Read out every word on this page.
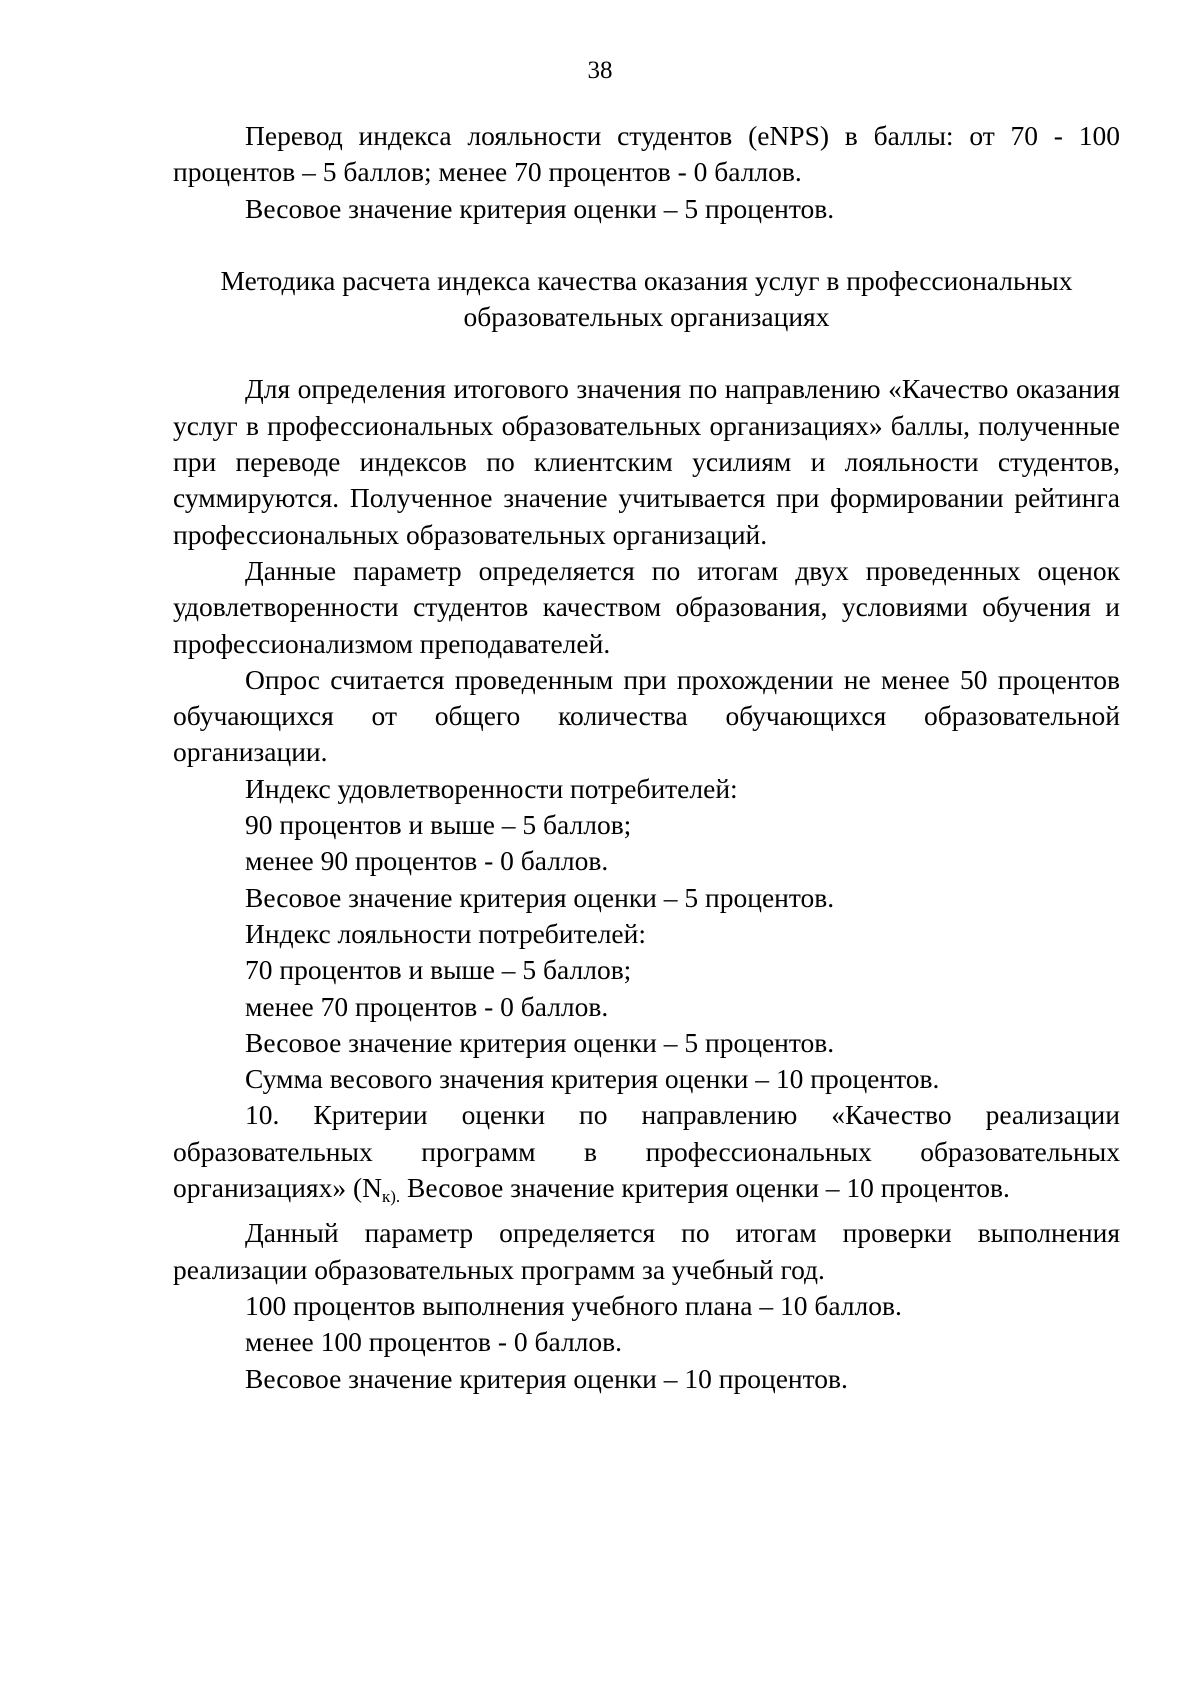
38

Перевод индекса лояльности студентов (eNPS) в баллы: от 70 - 100 процентов – 5 баллов; менее 70 процентов - 0 баллов.

Весовое значение критерия оценки – 5 процентов.

Методика расчета индекса качества оказания услуг в профессиональных образовательных организациях

Для определения итогового значения по направлению «Качество оказания услуг в профессиональных образовательных организациях» баллы, полученные при переводе индексов по клиентским усилиям и лояльности студентов, суммируются. Полученное значение учитывается при формировании рейтинга профессиональных образовательных организаций.

Данные параметр определяется по итогам двух проведенных оценок удовлетворенности студентов качеством образования, условиями обучения и профессионализмом преподавателей.

Опрос считается проведенным при прохождении не менее 50 процентов обучающихся от общего количества обучающихся образовательной организации.

Индекс удовлетворенности потребителей:

90 процентов и выше – 5 баллов;

менее 90 процентов - 0 баллов.

Весовое значение критерия оценки – 5 процентов.

Индекс лояльности потребителей:

70 процентов и выше – 5 баллов;

менее 70 процентов - 0 баллов.

Весовое значение критерия оценки – 5 процентов.

Сумма весового значения критерия оценки – 10 процентов.

10. Критерии оценки по направлению «Качество реализации образовательных программ в профессиональных образовательных организациях» ($N_{к).}$ Весовое значение критерия оценки – 10 процентов.

Данный параметр определяется по итогам проверки выполнения реализации образовательных программ за учебный год.

100 процентов выполнения учебного плана – 10 баллов.

менее 100 процентов - 0 баллов.

Весовое значение критерия оценки – 10 процентов.
